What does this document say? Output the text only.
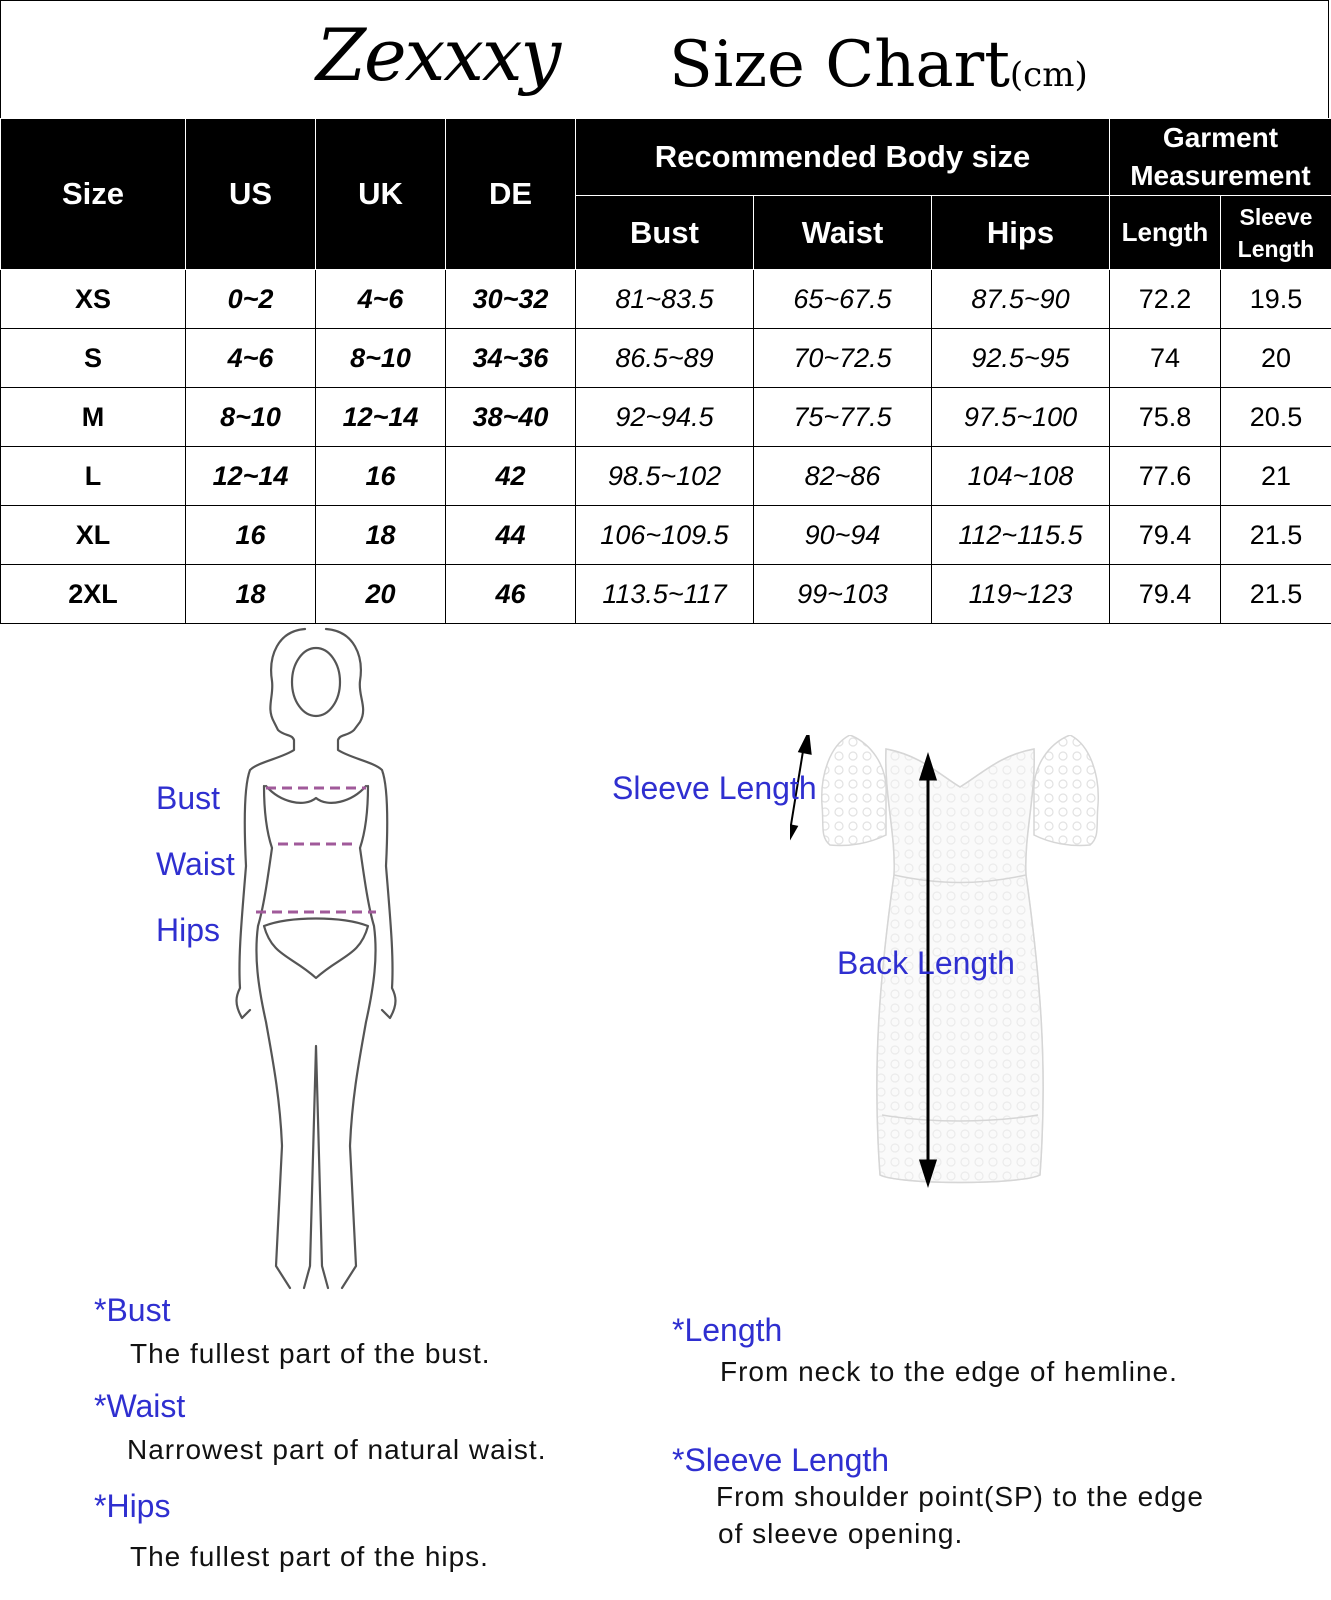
Zexxxy Size Chart(cm)
Size	US	UK	DE	Recommended Body size			Garment Measurement	
				Bust	Waist	Hips	Length	Sleeve Length
XS	0~2	4~6	30~32	81~83.5	65~67.5	87.5~90	72.2	19.5
S	4~6	8~10	34~36	86.5~89	70~72.5	92.5~95	74	20
M	8~10	12~14	38~40	92~94.5	75~77.5	97.5~100	75.8	20.5
L	12~14	16	42	98.5~102	82~86	104~108	77.6	21
XL	16	18	44	106~109.5	90~94	112~115.5	79.4	21.5
2XL	18	20	46	113.5~117	99~103	119~123	79.4	21.5
Bust
Waist
Hips
Sleeve Length
Back Length
*Bust
The fullest part of the bust.
*Waist
Narrowest part of natural waist.
*Hips
The fullest part of the hips.
*Length
From neck to the edge of hemline.
*Sleeve Length
From shoulder point(SP) to the edge
of sleeve opening.
